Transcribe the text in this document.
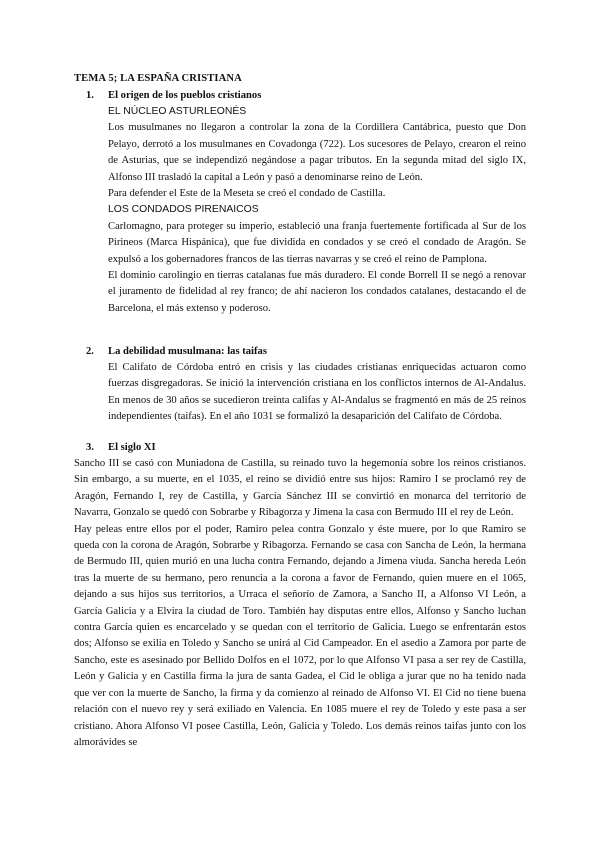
TEMA 5; LA ESPAÑA CRISTIANA
1. El origen de los pueblos cristianos

EL NÚCLEO ASTURLEONÉS

Los musulmanes no llegaron a controlar la zona de la Cordillera Cantábrica, puesto que Don Pelayo, derrotó a los musulmanes en Covadonga (722). Los sucesores de Pelayo, crearon el reino de Asturias, que se independizó negándose a pagar tributos. En la segunda mitad del siglo IX, Alfonso III trasladó la capital a León y pasó a denominarse reino de León.

Para defender el Este de la Meseta se creó el condado de Castilla.

LOS CONDADOS PIRENAICOS

Carlomagno, para proteger su imperio, estableció una franja fuertemente fortificada al Sur de los Pirineos (Marca Hispánica), que fue dividida en condados y se creó el condado de Aragón. Se expulsó a los gobernadores francos de las tierras navarras y se creó el reino de Pamplona.

El dominio carolingio en tierras catalanas fue más duradero. El conde Borrell II se negó a renovar el juramento de fidelidad al rey franco; de ahí nacieron los condados catalanes, destacando el de Barcelona, el más extenso y poderoso.

2. La debilidad musulmana: las taifas

El Califato de Córdoba entró en crisis y las ciudades cristianas enriquecidas actuaron como fuerzas disgregadoras. Se inició la intervención cristiana en los conflictos internos de Al-Andalus. En menos de 30 años se sucedieron treinta califas y Al-Andalus se fragmentó en más de 25 reinos independientes (taifas). En el año 1031 se formalizó la desaparición del Califato de Córdoba.

3. El siglo XI

Sancho III se casó con Muniadona de Castilla, su reinado tuvo la hegemonía sobre los reinos cristianos. Sin embargo, a su muerte, en el 1035, el reino se dividió entre sus hijos: Ramiro I se proclamó rey de Aragón, Fernando I, rey de Castilla, y García Sánchez III se convirtió en monarca del territorio de Navarra, Gonzalo se quedó con Sobrarbe y Ribagorza y Jimena la casa con Bermudo III el rey de León.

Hay peleas entre ellos por el poder, Ramiro pelea contra Gonzalo y éste muere, por lo que Ramiro se queda con la corona de Aragón, Sobrarbe y Ribagorza. Fernando se casa con Sancha de León, la hermana de Bermudo III, quien murió en una lucha contra Fernando, dejando a Jimena viuda. Sancha hereda León tras la muerte de su hermano, pero renuncia a la corona a favor de Fernando, quien muere en el 1065, dejando a sus hijos sus territorios, a Urraca el señorío de Zamora, a Sancho II, a Alfonso VI León, a García Galicia y a Elvira la ciudad de Toro. También hay disputas entre ellos, Alfonso y Sancho luchan contra García quien es encarcelado y se quedan con el territorio de Galicia. Luego se enfrentarán estos dos; Alfonso se exilia en Toledo y Sancho se unirá al Cid Campeador. En el asedio a Zamora por parte de Sancho, este es asesinado por Bellido Dolfos en el 1072, por lo que Alfonso VI pasa a ser rey de Castilla, León y Galicia y en Castilla firma la jura de santa Gadea, el Cid le obliga a jurar que no ha tenido nada que ver con la muerte de Sancho, la firma y da comienzo al reinado de Alfonso VI. El Cid no tiene buena relación con el nuevo rey y será exiliado en Valencia. En 1085 muere el rey de Toledo y este pasa a ser cristiano. Ahora Alfonso VI posee Castilla, León, Galicia y Toledo. Los demás reinos taifas junto con los almorávides se
